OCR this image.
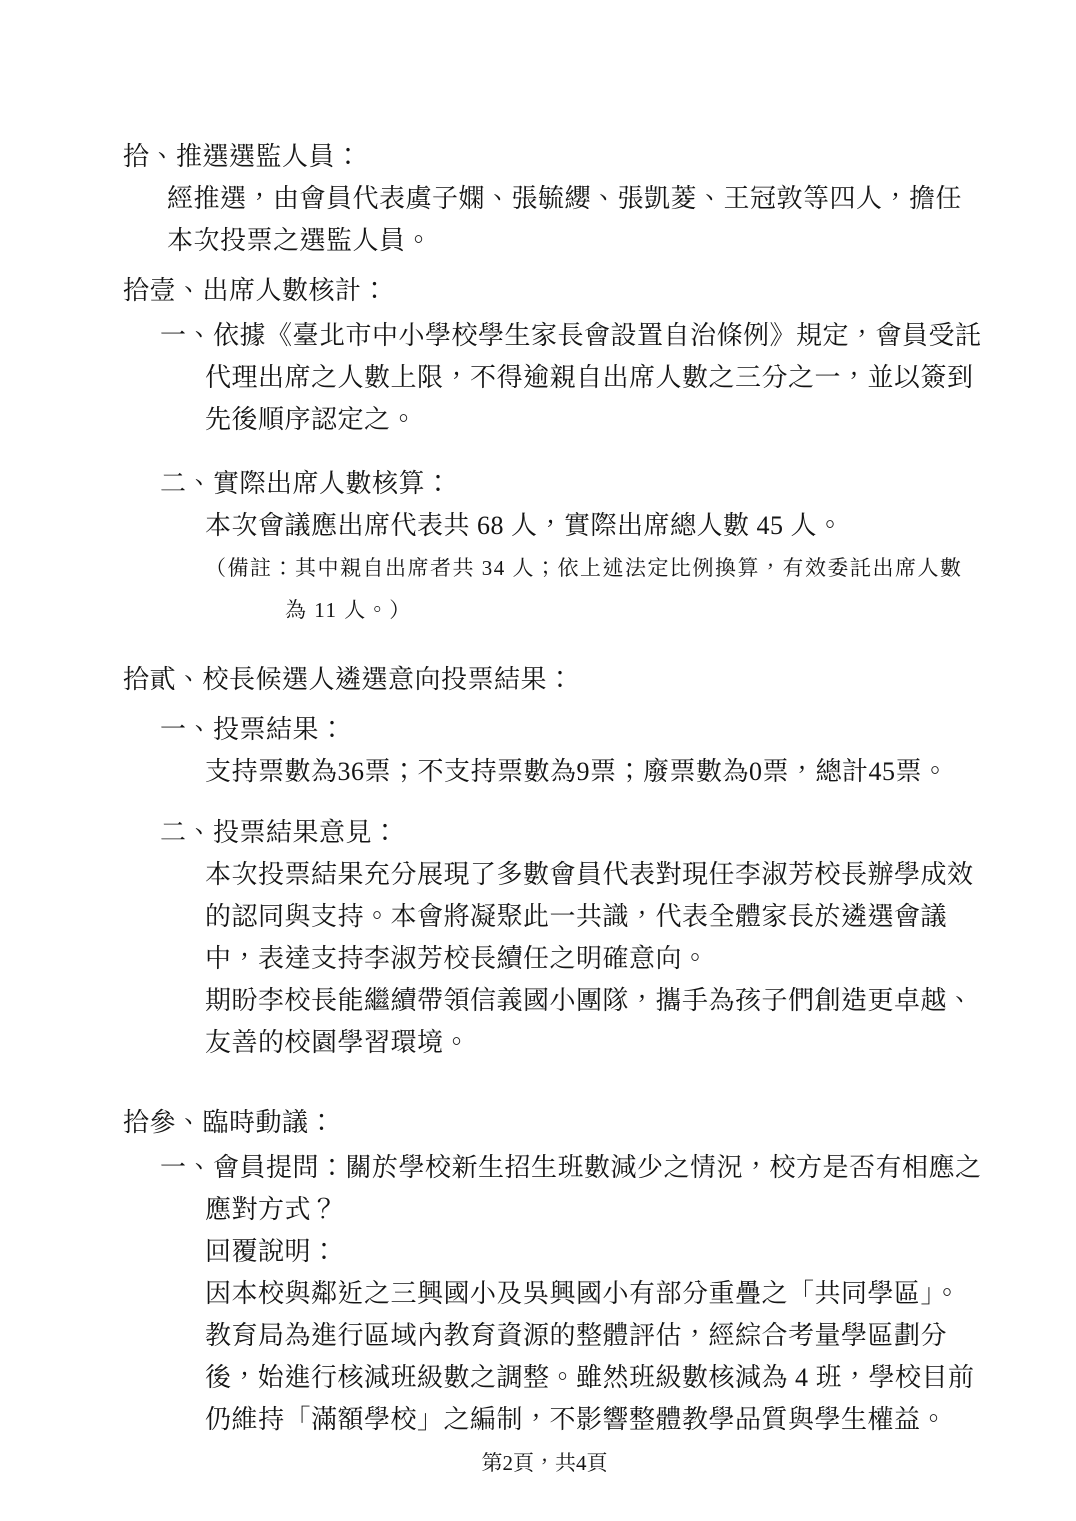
拾、推選選監人員：
經推選，由會員代表虞子嫻、張毓纓、張凱菱、王冠敦等四人，擔任
本次投票之選監人員。
拾壹、出席人數核計：
一、依據《臺北市中小學校學生家長會設置自治條例》規定，會員受託
代理出席之人數上限，不得逾親自出席人數之三分之一，並以簽到
先後順序認定之。
二、實際出席人數核算：
本次會議應出席代表共 68 人，實際出席總人數 45 人。
（備註：其中親自出席者共 34 人；依上述法定比例換算，有效委託出席人數
為 11 人。）
拾貳、校長候選人遴選意向投票結果：
一、投票結果：
支持票數為36票；不支持票數為9票；廢票數為0票，總計45票。
二、投票結果意見：
本次投票結果充分展現了多數會員代表對現任李淑芳校長辦學成效
的認同與支持。本會將凝聚此一共識，代表全體家長於遴選會議
中，表達支持李淑芳校長續任之明確意向。
期盼李校長能繼續帶領信義國小團隊，攜手為孩子們創造更卓越、
友善的校園學習環境。
拾參、臨時動議：
一、會員提問：關於學校新生招生班數減少之情況，校方是否有相應之
應對方式？
回覆說明：
因本校與鄰近之三興國小及吳興國小有部分重疊之「共同學區」。
教育局為進行區域內教育資源的整體評估，經綜合考量學區劃分
後，始進行核減班級數之調整。雖然班級數核減為 4 班，學校目前
仍維持「滿額學校」之編制，不影響整體教學品質與學生權益。
第2頁，共4頁
